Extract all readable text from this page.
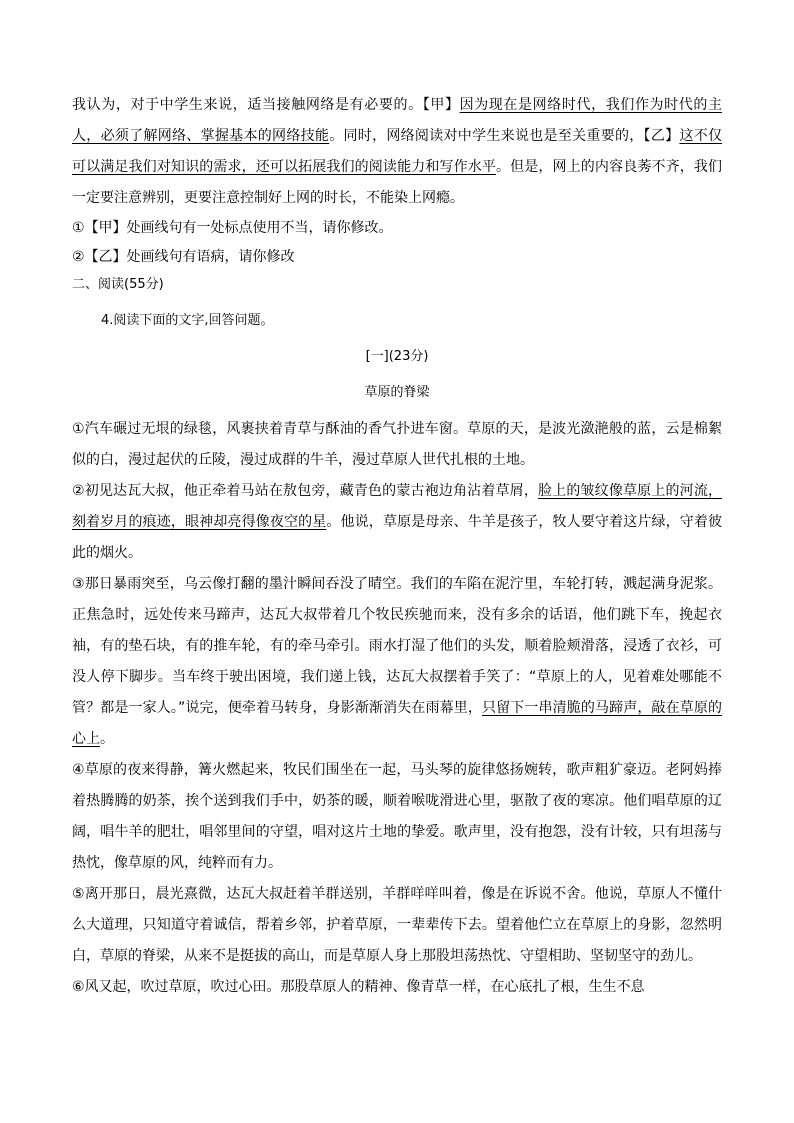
我认为，对于中学生来说，适当接触网络是有必要的。【甲】因为现在是网络时代，我们作为时代的主人，必须了解网络、掌握基本的网络技能。同时，网络阅读对中学生来说也是至关重要的，【乙】这不仅可以满足我们对知识的需求，还可以拓展我们的阅读能力和写作水平。但是，网上的内容良莠不齐，我们一定要注意辨别，更要注意控制好上网的时长，不能染上网瘾。

①【甲】处画线句有一处标点使用不当，请你修改。

②【乙】处画线句有语病，请你修改

二、阅读(55分)

4.阅读下面的文字,回答问题。

[一](23分)

草原的脊梁

①汽车碾过无垠的绿毯，风裹挟着青草与酥油的香气扑进车窗。草原的天，是波光潋滟般的蓝，云是棉絮似的白，漫过起伏的丘陵，漫过成群的牛羊，漫过草原人世代扎根的土地。

②初见达瓦大叔，他正牵着马站在敖包旁，藏青色的蒙古袍边角沾着草屑，脸上的皱纹像草原上的河流，刻着岁月的痕迹，眼神却亮得像夜空的星。他说，草原是母亲、牛羊是孩子，牧人要守着这片绿，守着彼此的烟火。

③那日暴雨突至，乌云像打翻的墨汁瞬间吞没了晴空。我们的车陷在泥泞里，车轮打转，溅起满身泥浆。正焦急时，远处传来马蹄声，达瓦大叔带着几个牧民疾驰而来，没有多余的话语，他们跳下车，挽起衣袖，有的垫石块，有的推车轮，有的牵马牵引。雨水打湿了他们的头发，顺着脸颊滑落，浸透了衣衫，可没人停下脚步。当车终于驶出困境，我们递上钱，达瓦大叔摆着手笑了：“草原上的人，见着难处哪能不管？都是一家人。”说完，便牵着马转身，身影渐渐消失在雨幕里，只留下一串清脆的马蹄声，敲在草原的心上。

④草原的夜来得静，篝火燃起来，牧民们围坐在一起，马头琴的旋律悠扬婉转，歌声粗犷豪迈。老阿妈捧着热腾腾的奶茶，挨个送到我们手中，奶茶的暖，顺着喉咙滑进心里，驱散了夜的寒凉。他们唱草原的辽阔，唱牛羊的肥壮，唱邻里间的守望，唱对这片土地的挚爱。歌声里，没有抱怨，没有计较，只有坦荡与热忱，像草原的风，纯粹而有力。

⑤离开那日，晨光熹微，达瓦大叔赶着羊群送别，羊群咩咩叫着，像是在诉说不舍。他说，草原人不懂什么大道理，只知道守着诚信，帮着乡邻，护着草原，一辈辈传下去。望着他伫立在草原上的身影，忽然明白，草原的脊梁，从来不是挺拔的高山，而是草原人身上那股坦荡热忱、守望相助、坚韧坚守的劲儿。

⑥风又起，吹过草原，吹过心田。那股草原人的精神、像青草一样，在心底扎了根，生生不息
